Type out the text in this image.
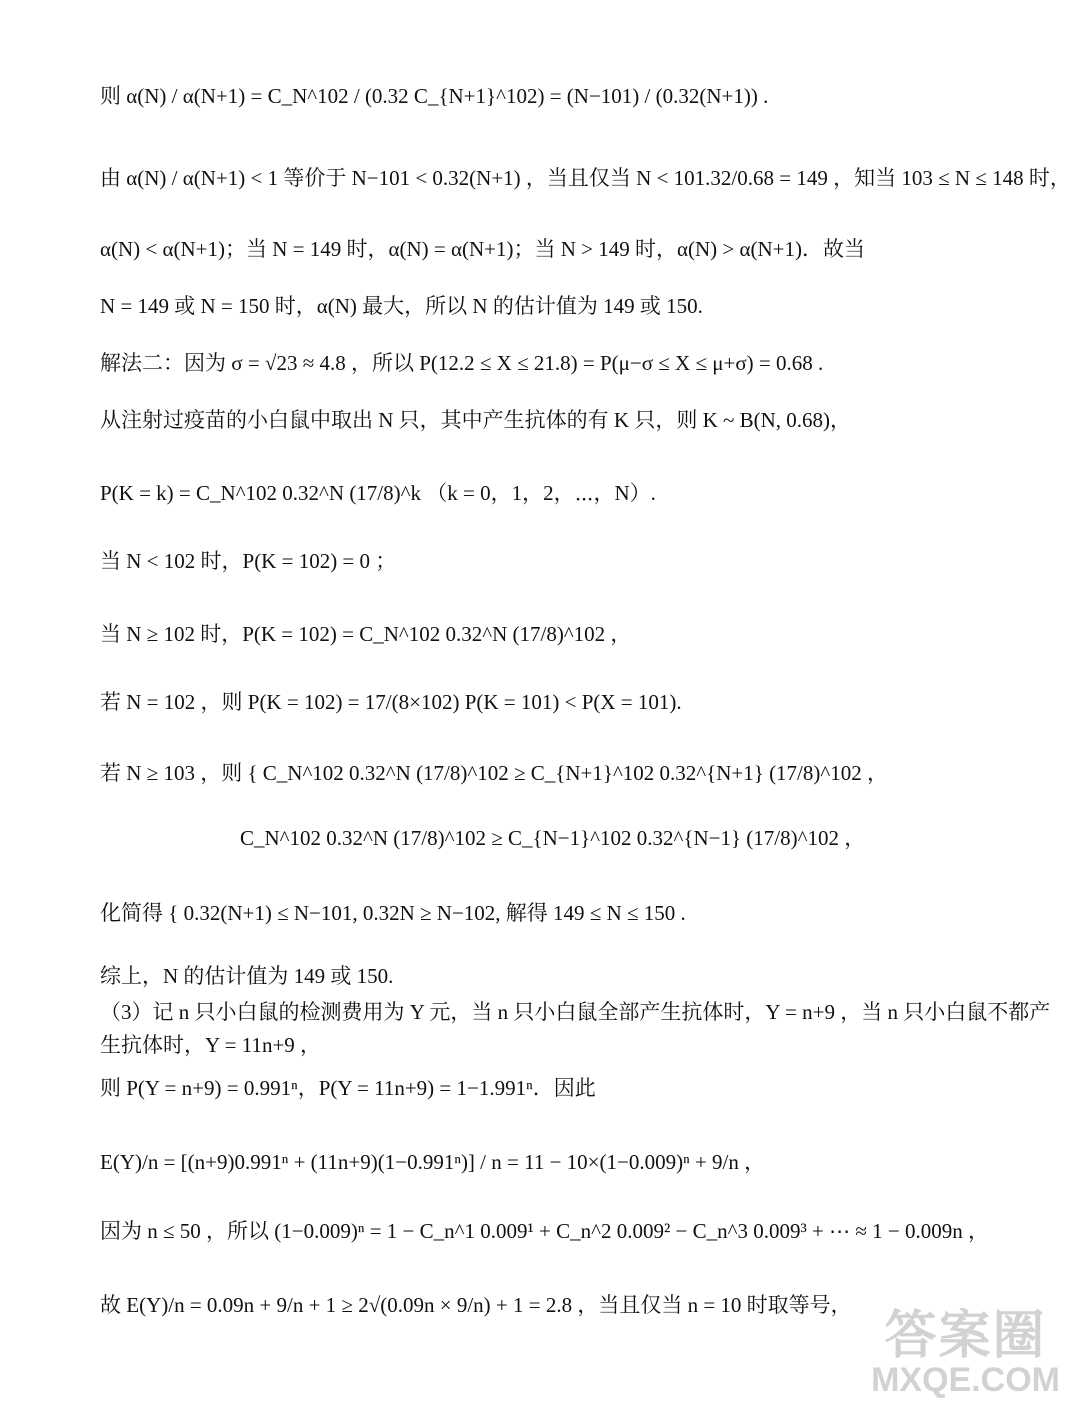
则 α(N) / α(N+1) = C_N^102 / (0.32 C_{N+1}^102) = (N−101) / (0.32(N+1)) .
由 α(N) / α(N+1) < 1 等价于 N−101 < 0.32(N+1) ，当且仅当 N < 101.32/0.68 = 149 ，知当 103 ≤ N ≤ 148 时，
α(N) < α(N+1)；当 N = 149 时，α(N) = α(N+1)；当 N > 149 时，α(N) > α(N+1)．故当
N = 149 或 N = 150 时，α(N) 最大，所以 N 的估计值为 149 或 150.
解法二：因为 σ = √23 ≈ 4.8 ，所以 P(12.2 ≤ X ≤ 21.8) = P(μ−σ ≤ X ≤ μ+σ) = 0.68 .
从注射过疫苗的小白鼠中取出 N 只，其中产生抗体的有 K 只，则 K ~ B(N, 0.68)，
P(K = k) = C_N^102 0.32^N (17/8)^k （k = 0，1，2，⋯，N）.
当 N < 102 时，P(K = 102) = 0 ；
当 N ≥ 102 时，P(K = 102) = C_N^102 0.32^N (17/8)^102 ，
若 N = 102 ，则 P(K = 102) = 17/(8×102) P(K = 101) < P(X = 101).
若 N ≥ 103 ，则 { C_N^102 0.32^N (17/8)^102 ≥ C_{N+1}^102 0.32^{N+1} (17/8)^102 ，
C_N^102 0.32^N (17/8)^102 ≥ C_{N−1}^102 0.32^{N−1} (17/8)^102 ，
化简得 { 0.32(N+1) ≤ N−101, 0.32N ≥ N−102, 解得 149 ≤ N ≤ 150 .
综上，N 的估计值为 149 或 150.
（3）记 n 只小白鼠的检测费用为 Y 元，当 n 只小白鼠全部产生抗体时，Y = n+9 ，当 n 只小白鼠不都产
生抗体时，Y = 11n+9 ，
则 P(Y = n+9) = 0.991ⁿ，P(Y = 11n+9) = 1−1.991ⁿ．因此
E(Y)/n = [(n+9)0.991ⁿ + (11n+9)(1−0.991ⁿ)] / n = 11 − 10×(1−0.009)ⁿ + 9/n ，
因为 n ≤ 50 ，所以 (1−0.009)ⁿ = 1 − C_n^1 0.009¹ + C_n^2 0.009² − C_n^3 0.009³ + ⋯ ≈ 1 − 0.009n ，
故 E(Y)/n = 0.09n + 9/n + 1 ≥ 2√(0.09n × 9/n) + 1 = 2.8 ，当且仅当 n = 10 时取等号，
答案圈
MXQE.COM
